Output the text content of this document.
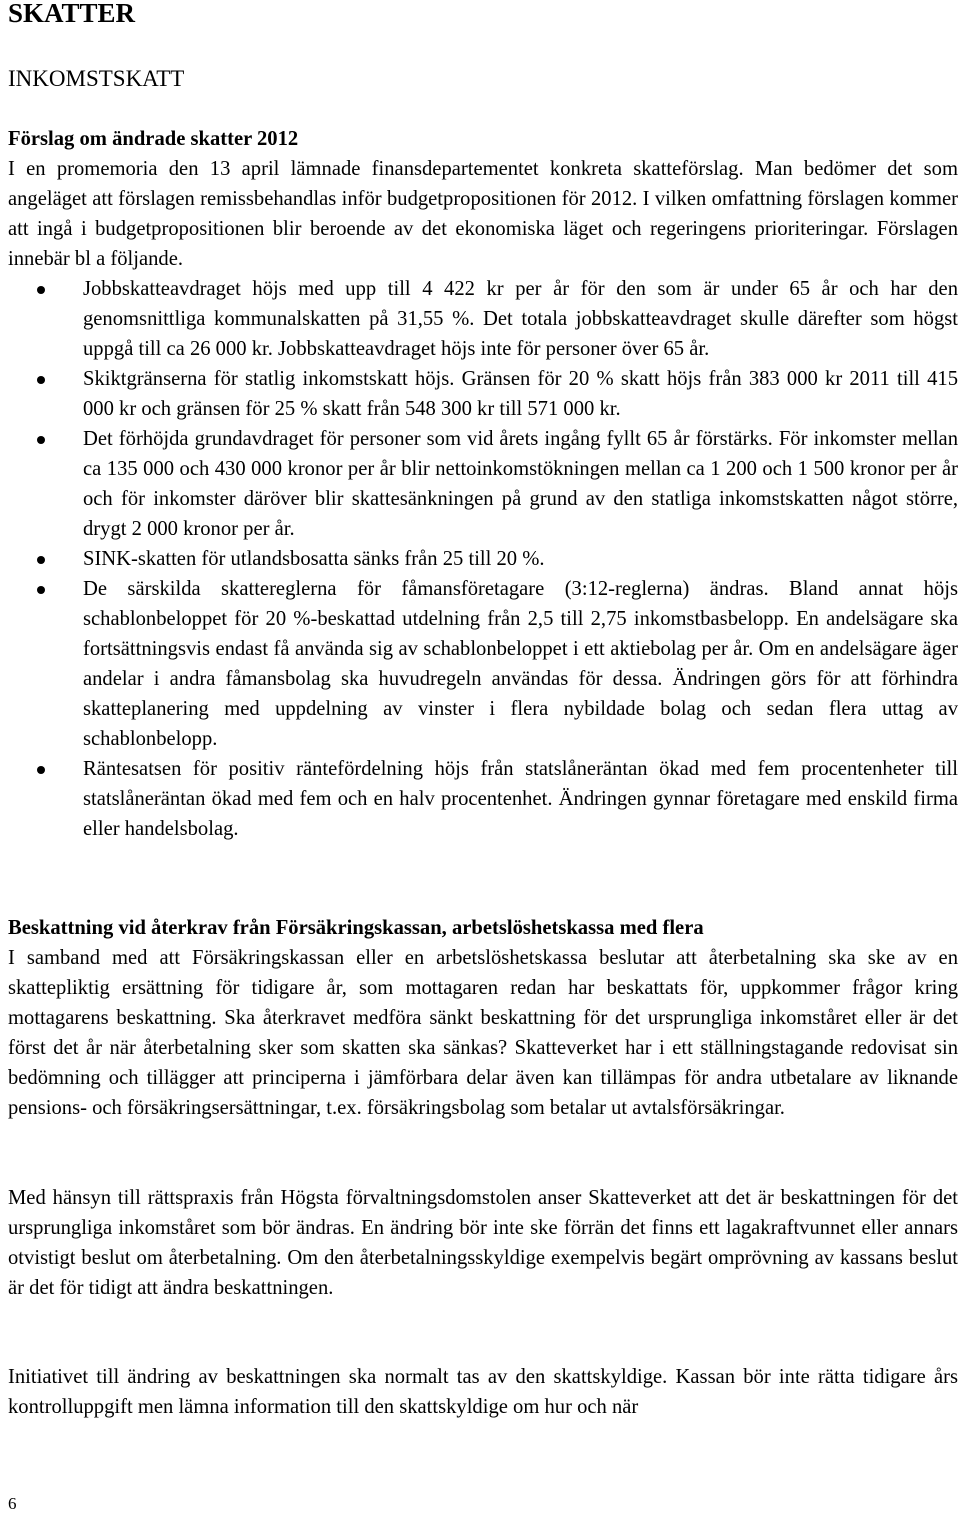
SKATTER
INKOMSTSKATT
Förslag om ändrade skatter 2012

I en promemoria den 13 april lämnade finansdepartementet konkreta skatteförslag. Man bedömer det som angeläget att förslagen remissbehandlas inför budgetpropositionen för 2012. I vilken omfattning förslagen kommer att ingå i budgetpropositionen blir beroende av det ekonomiska läget och regeringens prioriteringar. Förslagen innebär bl a följande.

Jobbskatteavdraget höjs med upp till 4 422 kr per år för den som är under 65 år och har den genomsnittliga kommunalskatten på 31,55 %. Det totala jobbskatteavdraget skulle därefter som högst uppgå till ca 26 000 kr. Jobbskatteavdraget höjs inte för personer över 65 år.
Skiktgränserna för statlig inkomstskatt höjs. Gränsen för 20 % skatt höjs från 383 000 kr 2011 till 415 000 kr och gränsen för 25 % skatt från 548 300 kr till 571 000 kr.
Det förhöjda grundavdraget för personer som vid årets ingång fyllt 65 år förstärks. För inkomster mellan ca 135 000 och 430 000 kronor per år blir nettoinkomstökningen mellan ca 1 200 och 1 500 kronor per år och för inkomster däröver blir skattesänkningen på grund av den statliga inkomstskatten något större, drygt 2 000 kronor per år.
SINK-skatten för utlandsbosatta sänks från 25 till 20 %.
De särskilda skattereglerna för fåmansföretagare (3:12-reglerna) ändras. Bland annat höjs schablonbeloppet för 20 %-beskattad utdelning från 2,5 till 2,75 inkomstbasbelopp. En andelsägare ska fortsättningsvis endast få använda sig av schablonbeloppet i ett aktiebolag per år. Om en andelsägare äger andelar i andra fåmansbolag ska huvudregeln användas för dessa. Ändringen görs för att förhindra skatteplanering med uppdelning av vinster i flera nybildade bolag och sedan flera uttag av schablonbelopp.
Räntesatsen för positiv räntefördelning höjs från statslåneräntan ökad med fem procentenheter till statslåneräntan ökad med fem och en halv procentenhet. Ändringen gynnar företagare med enskild firma eller handelsbolag.
Beskattning vid återkrav från Försäkringskassan, arbetslöshetskassa med flera

I samband med att Försäkringskassan eller en arbetslöshetskassa beslutar att återbetalning ska ske av en skattepliktig ersättning för tidigare år, som mottagaren redan har beskattats för, uppkommer frågor kring mottagarens beskattning. Ska återkravet medföra sänkt beskattning för det ursprungliga inkomståret eller är det först det år när återbetalning sker som skatten ska sänkas? Skatteverket har i ett ställningstagande redovisat sin bedömning och tillägger att principerna i jämförbara delar även kan tillämpas för andra utbetalare av liknande pensions- och försäkringsersättningar, t.ex. försäkringsbolag som betalar ut avtalsförsäkringar.

Med hänsyn till rättspraxis från Högsta förvaltningsdomstolen anser Skatteverket att det är beskattningen för det ursprungliga inkomståret som bör ändras. En ändring bör inte ske förrän det finns ett lagakraftvunnet eller annars otvistigt beslut om återbetalning. Om den återbetalningsskyldige exempelvis begärt omprövning av kassans beslut är det för tidigt att ändra beskattningen.

Initiativet till ändring av beskattningen ska normalt tas av den skattskyldige. Kassan bör inte rätta tidigare års kontrolluppgift men lämna information till den skattskyldige om hur och när

6
